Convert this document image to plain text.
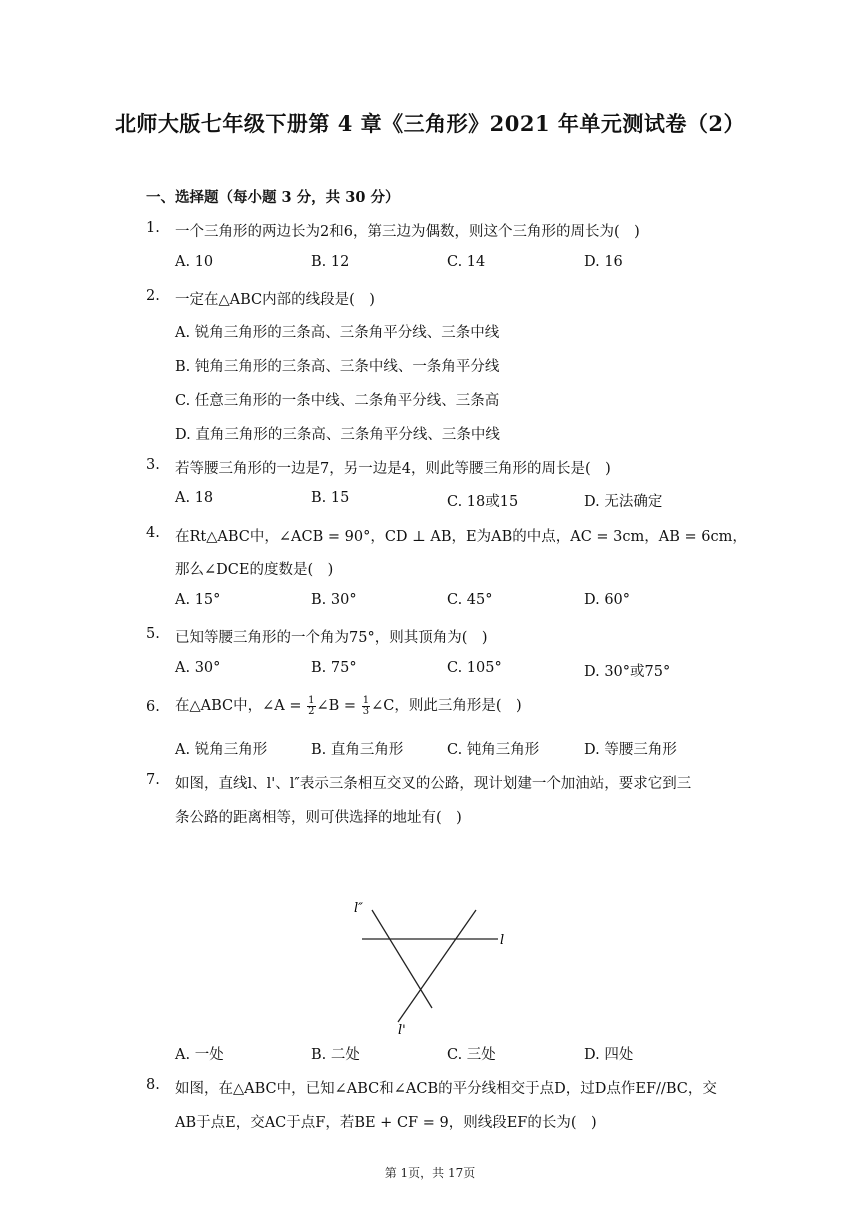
北师大版七年级下册第 4 章《三角形》2021 年单元测试卷（2）
一、选择题（每小题 3 分，共 30 分）
1. 一个三角形的两边长为2和6，第三边为偶数，则这个三角形的周长为(　)
A. 10	B. 12	C. 14	D. 16
2. 一定在△ABC内部的线段是(　)
A. 锐角三角形的三条高、三条角平分线、三条中线
B. 钝角三角形的三条高、三条中线、一条角平分线
C. 任意三角形的一条中线、二条角平分线、三条高
D. 直角三角形的三条高、三条角平分线、三条中线
3. 若等腰三角形的一边是7，另一边是4，则此等腰三角形的周长是(　)
A. 18	B. 15	C. 18或15	D. 无法确定
4. 在Rt△ABC中，∠ACB = 90°，CD ⊥ AB，E为AB的中点，AC = 3cm，AB = 6cm，
那么∠DCE的度数是(　)
A. 15°	B. 30°	C. 45°	D. 60°
5. 已知等腰三角形的一个角为75°，则其顶角为(　)
A. 30°	B. 75°	C. 105°	D. 30°或75°
6. 在△ABC中，∠A = $\frac{1}{2}$ ∠B = $\frac{1}{3}$ ∠C，则此三角形是(　)
A. 锐角三角形	B. 直角三角形	C. 钝角三角形	D. 等腰三角形
7. 如图，直线l、l'、l″表示三条相互交叉的公路，现计划建一个加油站，要求它到三
条公路的距离相等，则可供选择的地址有(　)
l
l'
l″
A. 一处	B. 二处	C. 三处	D. 四处
8. 如图，在△ABC中，已知∠ABC和∠ACB的平分线相交于点D，过D点作EF//BC，交
AB于点E，交AC于点F，若BE + CF = 9，则线段EF的长为(　)
第 1页，共 17页
